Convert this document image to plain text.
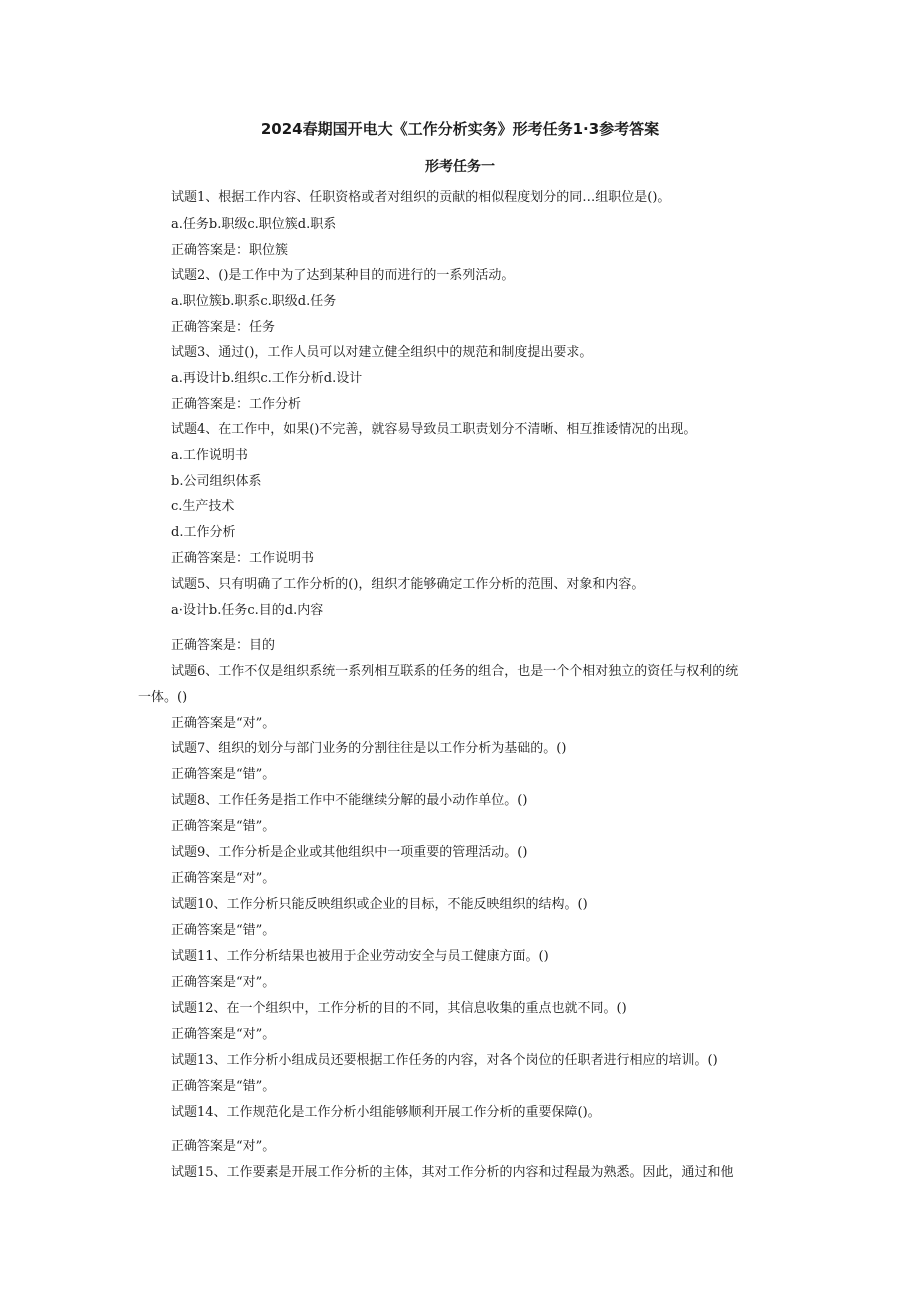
2024春期国开电大《工作分析实务》形考任务1·3参考答案
形考任务一
试题1、根据工作内容、任职资格或者对组织的贡献的相似程度划分的同…组职位是()。
a.任务b.职级c.职位簇d.职系
正确答案是：职位簇
试题2、()是工作中为了达到某种目的而进行的一系列活动。
a.职位簇b.职系c.职级d.任务
正确答案是：任务
试题3、通过()，工作人员可以对建立健全组织中的规范和制度提出要求。
a.再设计b.组织c.工作分析d.设计
正确答案是：工作分析
试题4、在工作中，如果()不完善，就容易导致员工职责划分不清晰、相互推诿情况的出现。
a.工作说明书
b.公司组织体系
c.生产技术
d.工作分析
正确答案是：工作说明书
试题5、只有明确了工作分析的()，组织才能够确定工作分析的范围、对象和内容。
a·设计b.任务c.目的d.内容
正确答案是：目的
试题6、工作不仅是组织系统一系列相互联系的任务的组合，也是一个个相对独立的资任与权利的统
一体。()
正确答案是“对”。
试题7、组织的划分与部门业务的分割往往是以工作分析为基础的。()
正确答案是“错”。
试题8、工作任务是指工作中不能继续分解的最小动作单位。()
正确答案是“错”。
试题9、工作分析是企业或其他组织中一项重要的管理活动。()
正确答案是“对”。
试题10、工作分析只能反映组织或企业的目标，不能反映组织的结构。()
正确答案是“错”。
试题11、工作分析结果也被用于企业劳动安全与员工健康方面。()
正确答案是“对”。
试题12、在一个组织中，工作分析的目的不同，其信息收集的重点也就不同。()
正确答案是“对”。
试题13、工作分析小组成员还要根据工作任务的内容，对各个岗位的任职者进行相应的培训。()
正确答案是“错”。
试题14、工作规范化是工作分析小组能够顺利开展工作分析的重要保障()。
正确答案是“对”。
试题15、工作要素是开展工作分析的主体，其对工作分析的内容和过程最为熟悉。因此，通过和他
